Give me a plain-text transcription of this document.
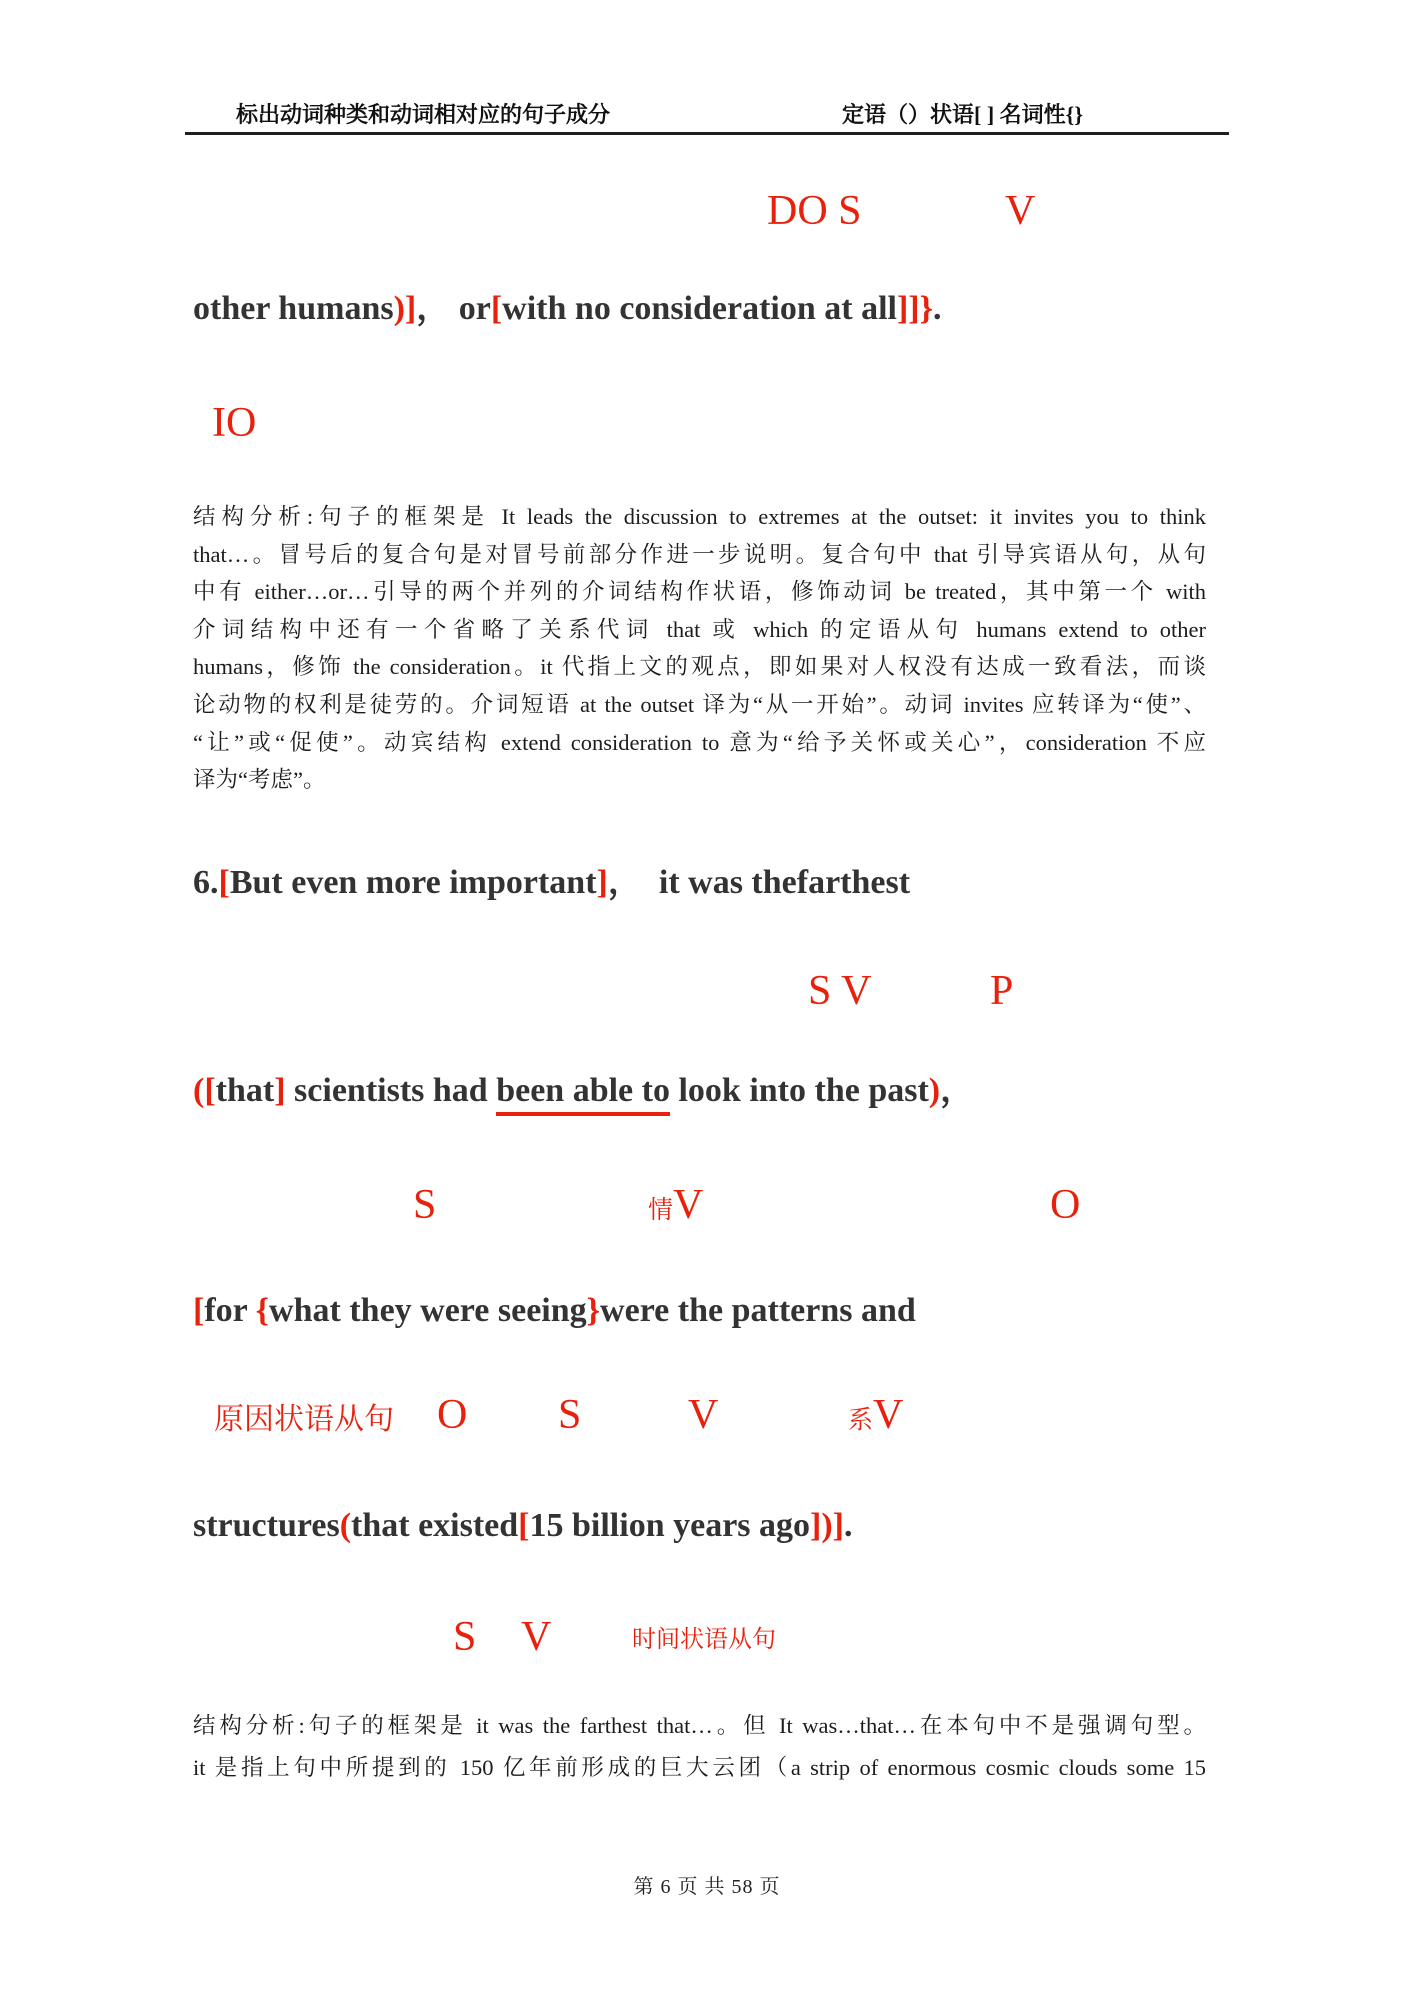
标出动词种类和动词相对应的句子成分	定语（）状语[ ] 名词性{}
DO S	V
other humans)]， or[with no consideration at all]]}.
IO
结构分析:句子的框架是 It leads the discussion to extremes at the outset: it invites you to think
that…。冒号后的复合句是对冒号前部分作进一步说明。复合句中 that 引导宾语从句，从句
中有 either…or…引导的两个并列的介词结构作状语，修饰动词 be treated，其中第一个 with
介词结构中还有一个省略了关系代词 that 或 which 的定语从句 humans extend to other
humans，修饰 the consideration。it 代指上文的观点，即如果对人权没有达成一致看法，而谈
论动物的权利是徒劳的。介词短语 at the outset 译为“从一开始”。动词 invites 应转译为“使”、
“让”或“促使”。动宾结构 extend consideration to 意为“给予关怀或关心”，consideration 不应
译为“考虑”。
6.[But even more important]，  it was thefarthest
S V	P
([that] scientists had been able to look into the past)，
S	情V	O
[for {what they were seeing}were the patterns and
原因状语从句 O S	V	系V
structures(that existed[15 billion years ago])].
S V	时间状语从句
结构分析:句子的框架是 it was the farthest that…。但 It was…that…在本句中不是强调句型。
it 是指上句中所提到的 150 亿年前形成的巨大云团（a strip of enormous cosmic clouds some 15
第 6 页 共 58 页
